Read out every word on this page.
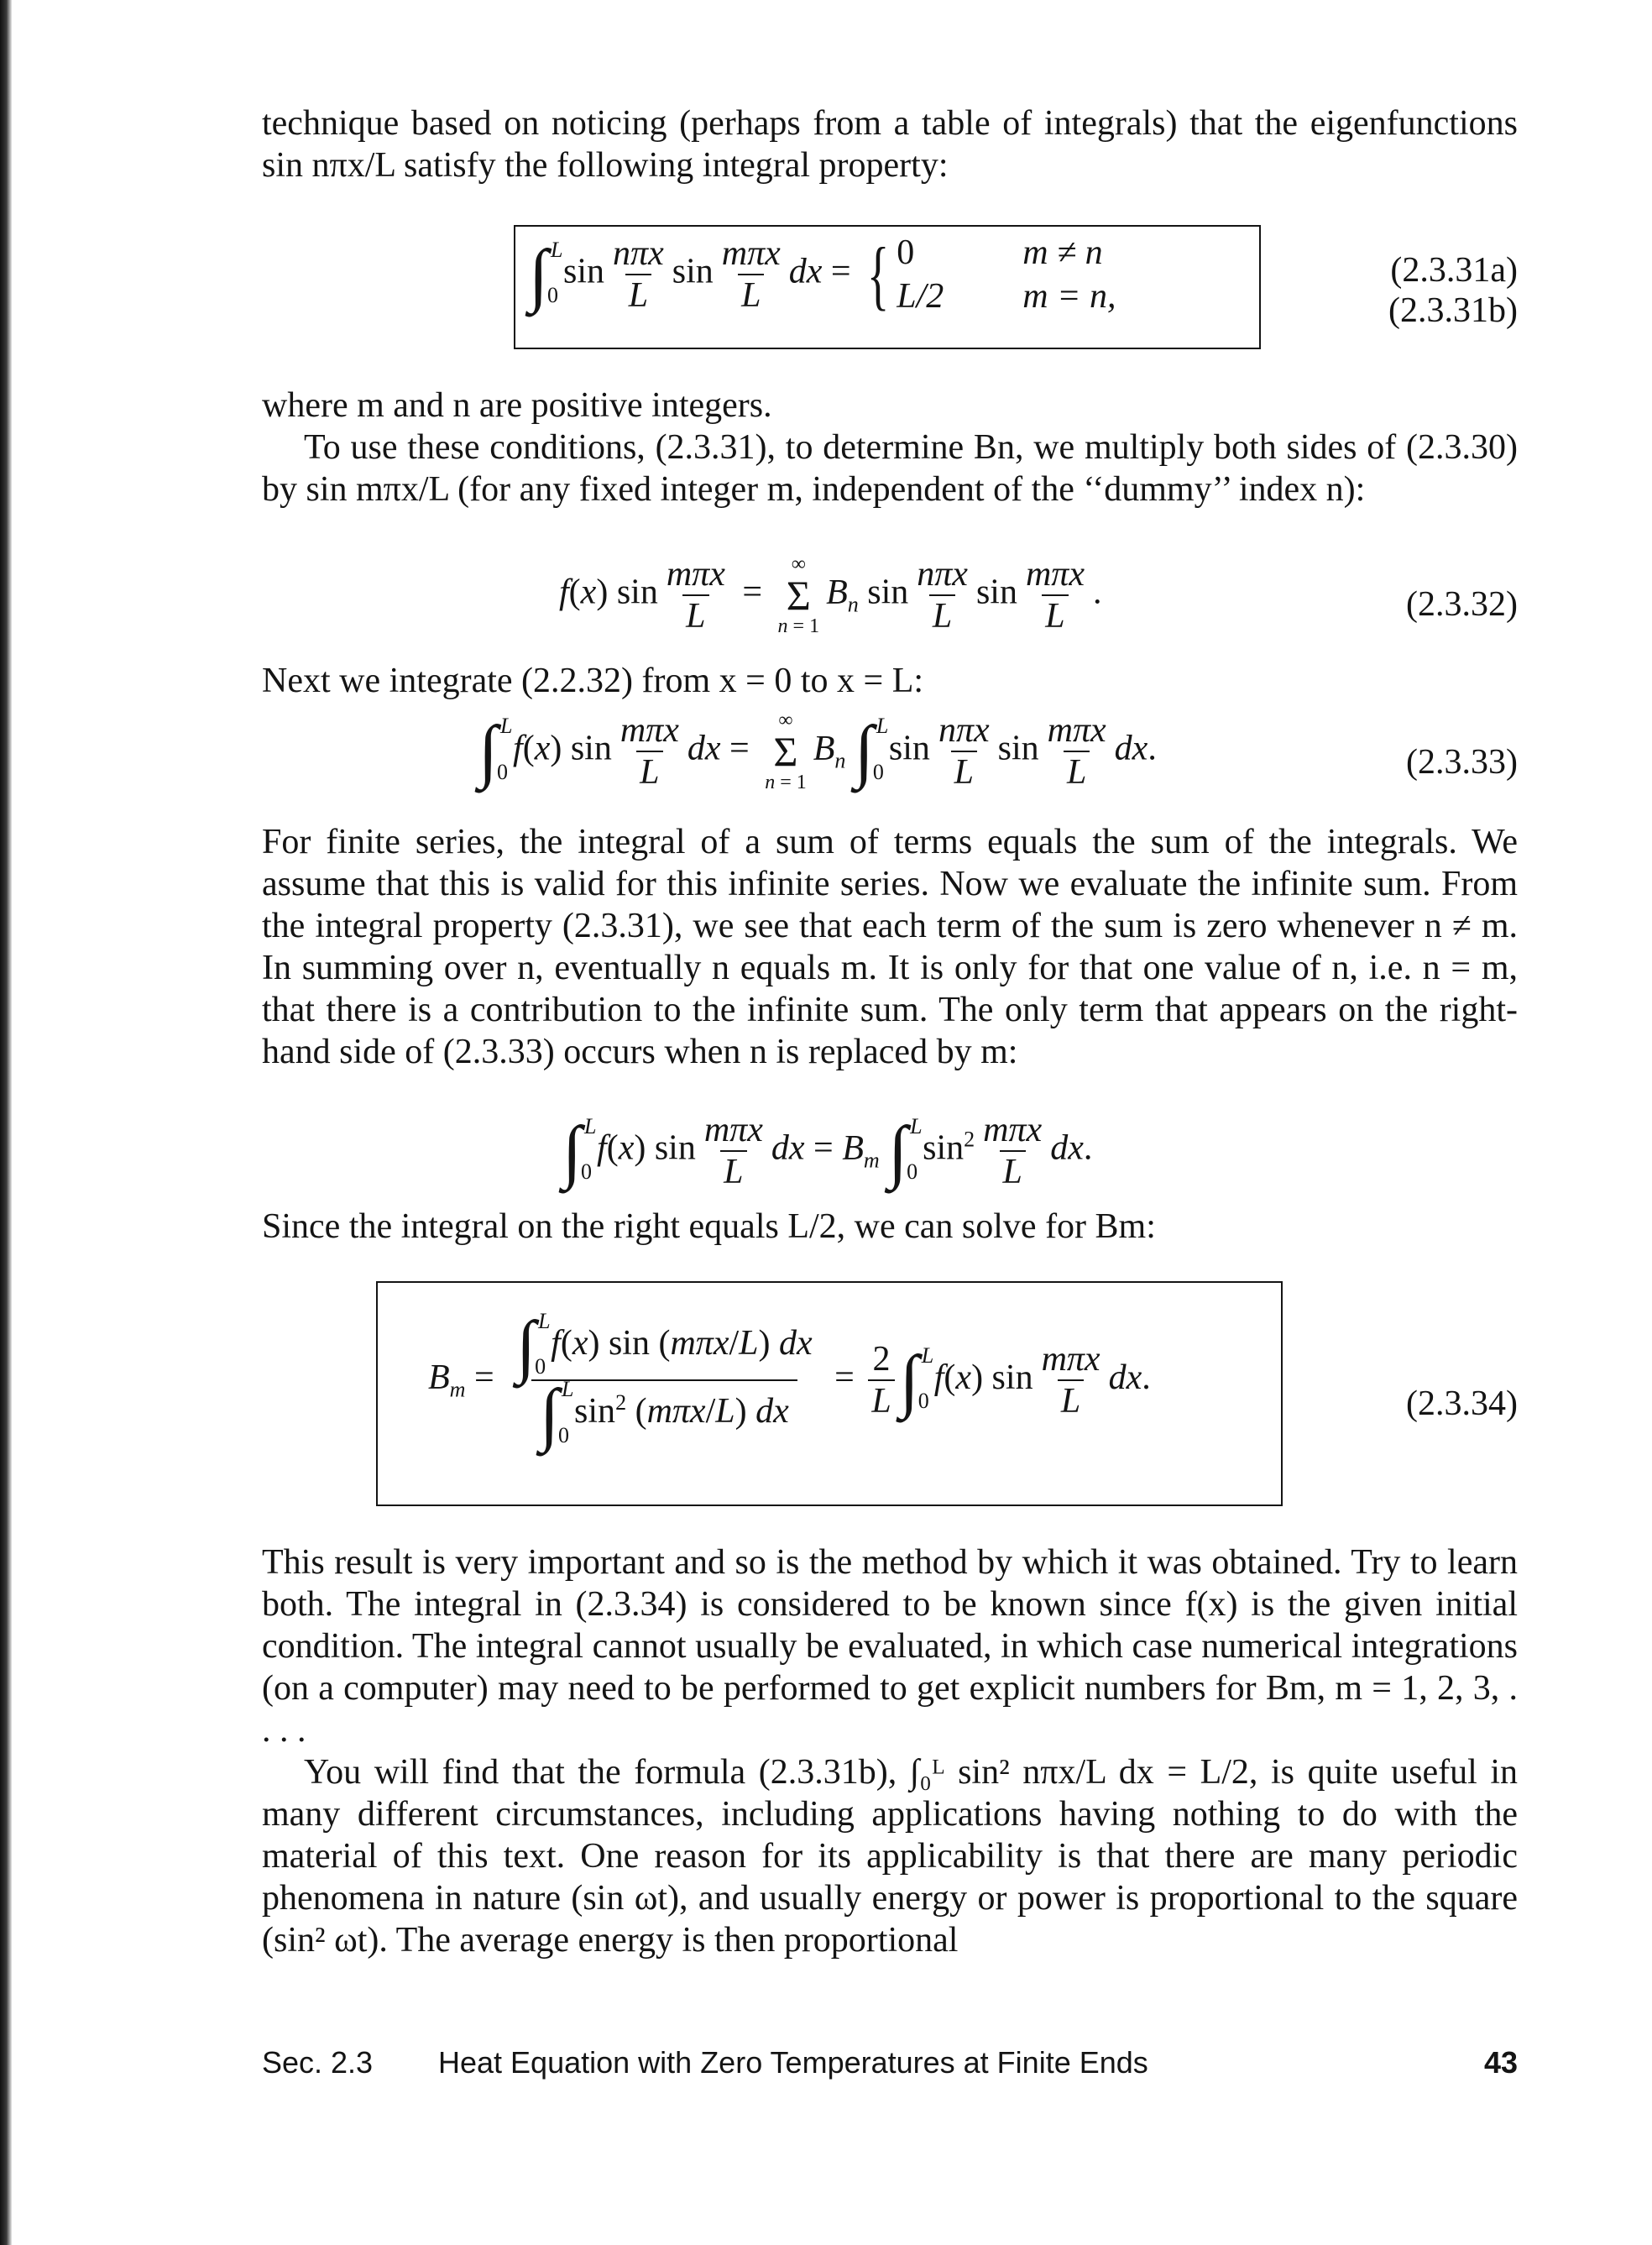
technique based on noticing (perhaps from a table of integrals) that the eigenfunctions sin nπx/L satisfy the following integral property:

∫ L
0
$\sin \frac{\text{nπx}}{L}$ $\sin \frac{\text{mπx}}{L}$ dx = { 0	m ≠ n
L/2	m = n,
(2.3.31a)
(2.3.31b)

where m and n are positive integers.

To use these conditions, (2.3.31), to determine Bn, we multiply both sides of (2.3.30) by sin mπx/L (for any fixed integer m, independent of the ‘‘dummy’’ index n):

f(x) $\sin \frac{\text{mπx}}{L}$ =
∞
Σ
n = 1
$B_n$ $\sin \frac{\text{nπx}}{L}$ $\sin \frac{\text{mπx}}{L}$ .	(2.3.32)

Next we integrate (2.2.32) from x = 0 to x = L:

∫ L
0
f(x) $\sin \frac{\text{mπx}}{L}$ dx =
∞
Σ
n = 1
$B_n$ ∫ L
0
$\sin \frac{\text{nπx}}{L}$ $\sin \frac{\text{mπx}}{L}$ dx.	(2.3.33)

For finite series, the integral of a sum of terms equals the sum of the integrals. We assume that this is valid for this infinite series. Now we evaluate the infinite sum. From the integral property (2.3.31), we see that each term of the sum is zero whenever n ≠ m. In summing over n, eventually n equals m. It is only for that one value of n, i.e. n = m, that there is a contribution to the infinite sum. The only term that appears on the right-hand side of (2.3.33) occurs when n is replaced by m:

∫ L
0
f(x) $\sin \frac{\text{mπx}}{L}$ dx = $B_m$ ∫ L
0
$\sin^2 \frac{\text{mπx}}{L}$ dx.

Since the integral on the right equals L/2, we can solve for Bm:

$B_m$ = ∫ L
0
f(x) sin (mπx/L) dx
∫ L
0
$\sin^2 (m\pi x/L)$ dx = $\frac{2}{L}$ ∫ L
0
f(x) $\sin \frac{\text{mπx}}{L}$ dx.
(2.3.34)

This result is very important and so is the method by which it was obtained. Try to learn both. The integral in (2.3.34) is considered to be known since f(x) is the given initial condition. The integral cannot usually be evaluated, in which case numerical integrations (on a computer) may need to be performed to get explicit numbers for Bm, m = 1, 2, 3, . . . .

You will find that the formula (2.3.31b), ∫₀ᴸ sin² nπx/L dx = L/2, is quite useful in many different circumstances, including applications having nothing to do with the material of this text. One reason for its applicability is that there are many periodic phenomena in nature (sin ωt), and usually energy or power is proportional to the square (sin² ωt). The average energy is then proportional

Sec. 2.3 Heat Equation with Zero Temperatures at Finite Ends	43
